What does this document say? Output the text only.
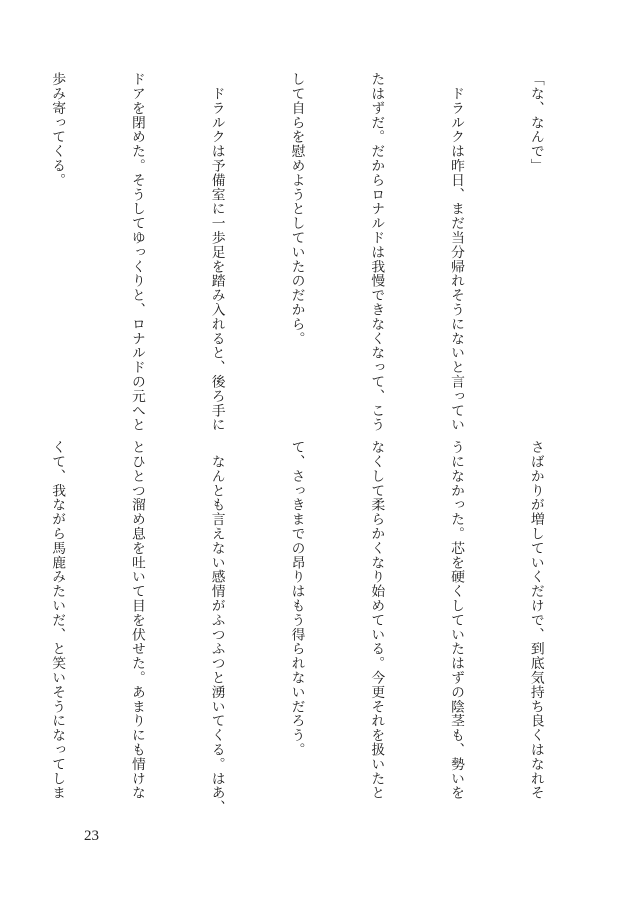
「な、なんで」

　ドラルクは昨日、まだ当分帰れそうにないと言ってい

たはずだ。だからロナルドは我慢できなくなって、こう

して自らを慰めようとしていたのだから。

　ドラルクは予備室に一歩足を踏み入れると、後ろ手に

ドアを閉めた。そうしてゆっくりと、ロナルドの元へと

歩み寄ってくる。

さばかりが増していくだけで、到底気持ち良くはなれそ

うになかった。芯を硬くしていたはずの陰茎も、勢いを

なくして柔らかくなり始めている。今更それを扱いたと

て、さっきまでの昂りはもう得られないだろう。

　なんとも言えない感情がふつふつと湧いてくる。はあ、

とひとつ溜め息を吐いて目を伏せた。あまりにも情けな

くて、我ながら馬鹿みたいだ、と笑いそうになってしま

23
